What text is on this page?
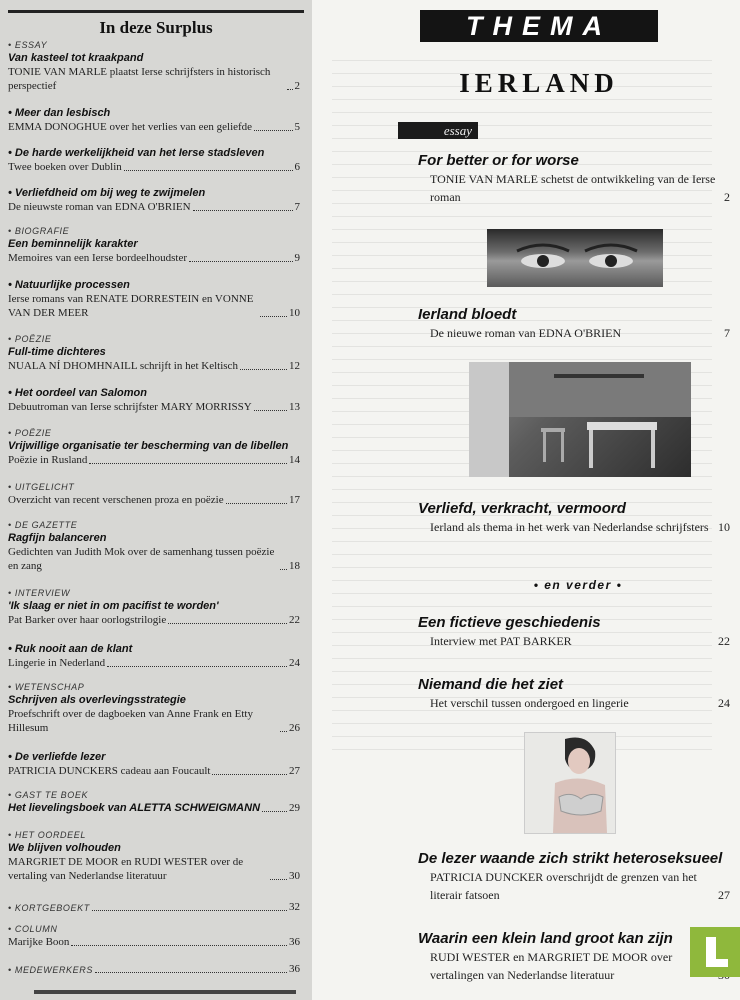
In deze Surplus
• ESSAY
Van kasteel tot kraakpand
TONIE VAN MARLE plaatst Ierse schrijfsters in historisch perspectief	2
• Meer dan lesbisch
EMMA DONOGHUE over het verlies van een geliefde	5
• De harde werkelijkheid van het Ierse stadsleven
Twee boeken over Dublin	6
• Verliefdheid om bij weg te zwijmelen
De nieuwste roman van EDNA O'BRIEN	7
• BIOGRAFIE
Een beminnelijk karakter
Memoires van een Ierse bordeelhoudster	9
• Natuurlijke processen
Ierse romans van RENATE DORRESTEIN en VONNE VAN DER MEER	10
• POËZIE
Full-time dichteres
NUALA NÍ DHOMHNAILL schrijft in het Keltisch	12
• Het oordeel van Salomon
Debuutroman van Ierse schrijfster MARY MORRISSY	13
• POËZIE
Vrijwillige organisatie ter bescherming van de libellen
Poëzie in Rusland	14
• UITGELICHT
Overzicht van recent verschenen proza en poëzie	17
• DE GAZETTE
Ragfijn balanceren
Gedichten van Judith Mok over de samenhang tussen poëzie en zang	18
• INTERVIEW
'Ik slaag er niet in om pacifist te worden'
Pat Barker over haar oorlogstrilogie	22
• Ruk nooit aan de klant
Lingerie in Nederland	24
• WETENSCHAP
Schrijven als overlevingsstrategie
Proefschrift over de dagboeken van Anne Frank en Etty Hillesum	26
• De verliefde lezer
PATRICIA DUNCKERS cadeau aan Foucault	27
• GAST TE BOEK
Het lievelingsboek van ALETTA SCHWEIGMANN	29
• HET OORDEEL
We blijven volhouden
MARGRIET DE MOOR en RUDI WESTER over de vertaling van Nederlandse literatuur	30
• KORTGEBOEKT	32
• COLUMN
Marijke Boon	36
• MEDEWERKERS	36
THEMA
IERLAND
essay
For better or for worse
TONIE VAN MARLE schetst de ontwikkeling van de Ierse roman	2
Ierland bloedt
De nieuwe roman van EDNA O'BRIEN	7
Verliefd, verkracht, vermoord
Ierland als thema in het werk van Nederlandse schrijfsters 10
• en verder •
Een fictieve geschiedenis
Interview met PAT BARKER	22
Niemand die het ziet
Het verschil tussen ondergoed en lingerie	24
De lezer waande zich strikt heteroseksueel
PATRICIA DUNCKER overschrijdt de grenzen van het literair fatsoen	27
Waarin een klein land groot kan zijn
RUDI WESTER en MARGRIET DE MOOR over vertalingen van Nederlandse literatuur
